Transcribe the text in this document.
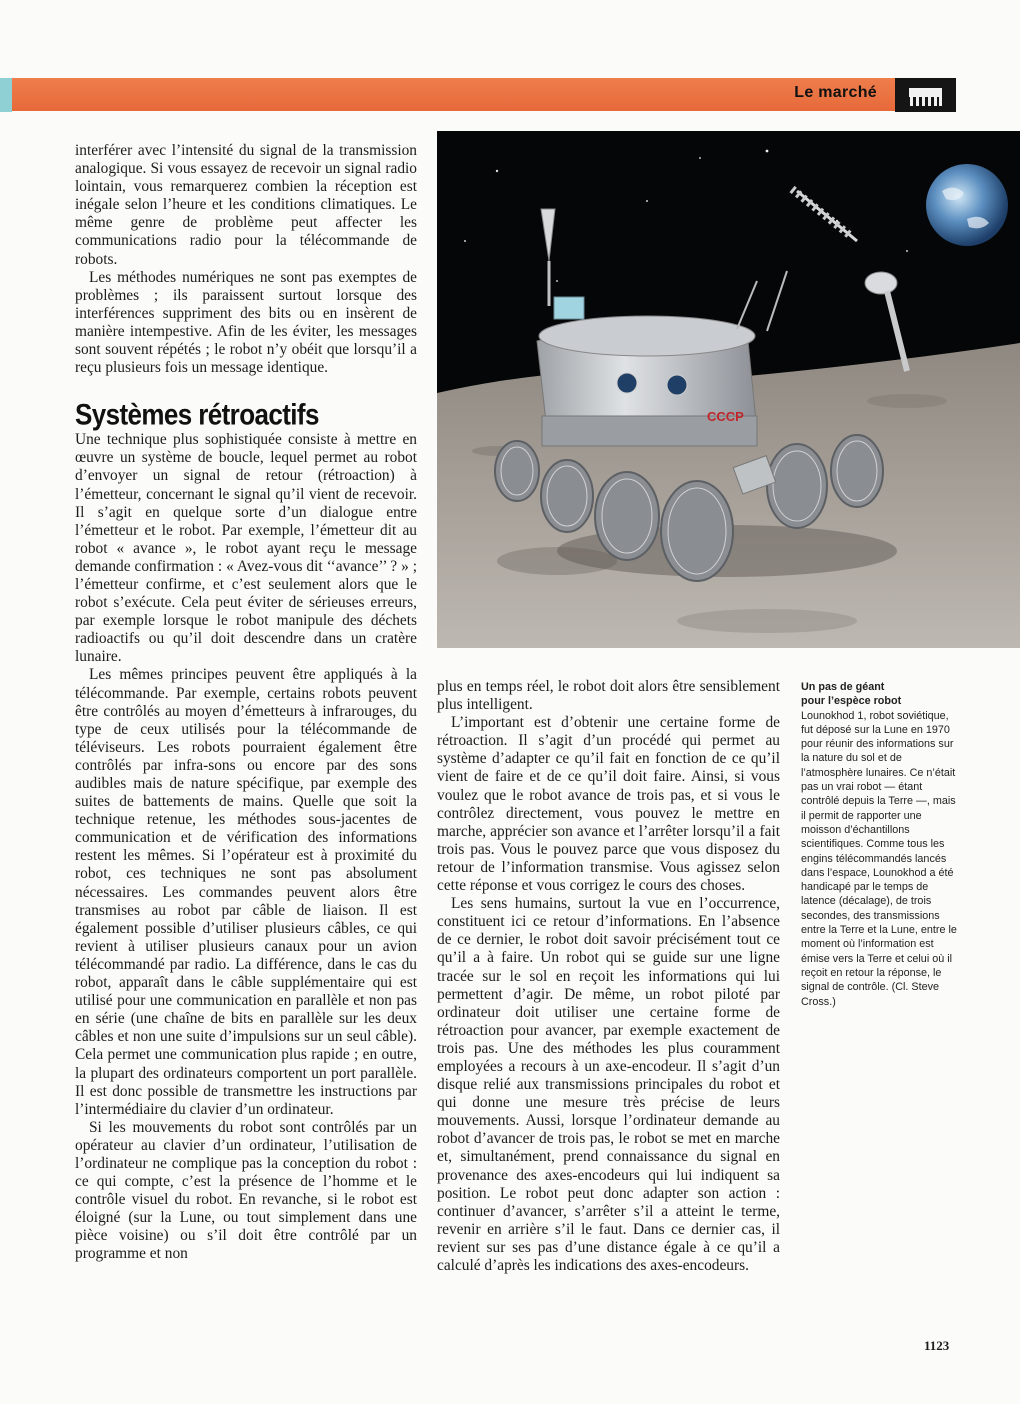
Le marché

interférer avec l’intensité du signal de la transmission analogique. Si vous essayez de recevoir un signal radio lointain, vous remarquerez combien la réception est inégale selon l’heure et les conditions climatiques. Le même genre de problème peut affecter les communications radio pour la télécommande de robots.

Les méthodes numériques ne sont pas exemptes de problèmes ; ils paraissent surtout lorsque des interférences suppriment des bits ou en insèrent de manière intempestive. Afin de les éviter, les messages sont souvent répétés ; le robot n’y obéit que lorsqu’il a reçu plusieurs fois un message identique.

Systèmes rétroactifs

Une technique plus sophistiquée consiste à mettre en œuvre un système de boucle, lequel permet au robot d’envoyer un signal de retour (rétroaction) à l’émetteur, concernant le signal qu’il vient de recevoir. Il s’agit en quelque sorte d’un dialogue entre l’émetteur et le robot. Par exemple, l’émetteur dit au robot « avance », le robot ayant reçu le message demande confirmation : « Avez-vous dit ‘‘avance’’ ? » ; l’émetteur confirme, et c’est seulement alors que le robot s’exécute. Cela peut éviter de sérieuses erreurs, par exemple lorsque le robot manipule des déchets radioactifs ou qu’il doit descendre dans un cratère lunaire.

Les mêmes principes peuvent être appliqués à la télécommande. Par exemple, certains robots peuvent être contrôlés au moyen d’émetteurs à infrarouges, du type de ceux utilisés pour la télécommande de téléviseurs. Les robots pourraient également être contrôlés par infra-sons ou encore par des sons audibles mais de nature spécifique, par exemple des suites de battements de mains. Quelle que soit la technique retenue, les méthodes sous-jacentes de communication et de vérification des informations restent les mêmes. Si l’opérateur est à proximité du robot, ces techniques ne sont pas absolument nécessaires. Les commandes peuvent alors être transmises au robot par câble de liaison. Il est également possible d’utiliser plusieurs câbles, ce qui revient à utiliser plusieurs canaux pour un avion télécommandé par radio. La différence, dans le cas du robot, apparaît dans le câble supplémentaire qui est utilisé pour une communication en parallèle et non pas en série (une chaîne de bits en parallèle sur les deux câbles et non une suite d’impulsions sur un seul câble). Cela permet une communication plus rapide ; en outre, la plupart des ordinateurs comportent un port parallèle. Il est donc possible de transmettre les instructions par l’intermédiaire du clavier d’un ordinateur.

Si les mouvements du robot sont contrôlés par un opérateur au clavier d’un ordinateur, l’utilisation de l’ordinateur ne complique pas la conception du robot : ce qui compte, c’est la présence de l’homme et le contrôle visuel du robot. En revanche, si le robot est éloigné (sur la Lune, ou tout simplement dans une pièce voisine) ou s’il doit être contrôlé par un programme et non

CCCP

plus en temps réel, le robot doit alors être sensiblement plus intelligent.

L’important est d’obtenir une certaine forme de rétroaction. Il s’agit d’un procédé qui permet au système d’adapter ce qu’il fait en fonction de ce qu’il vient de faire et de ce qu’il doit faire. Ainsi, si vous voulez que le robot avance de trois pas, et si vous le contrôlez directement, vous pouvez le mettre en marche, apprécier son avance et l’arrêter lorsqu’il a fait trois pas. Vous le pouvez parce que vous disposez du retour de l’information transmise. Vous agissez selon cette réponse et vous corrigez le cours des choses.

Les sens humains, surtout la vue en l’occurrence, constituent ici ce retour d’informations. En l’absence de ce dernier, le robot doit savoir précisément tout ce qu’il a à faire. Un robot qui se guide sur une ligne tracée sur le sol en reçoit les informations qui lui permettent d’agir. De même, un robot piloté par ordinateur doit utiliser une certaine forme de rétroaction pour avancer, par exemple exactement de trois pas. Une des méthodes les plus couramment employées a recours à un axe-encodeur. Il s’agit d’un disque relié aux transmissions principales du robot et qui donne une mesure très précise de leurs mouvements. Aussi, lorsque l’ordinateur demande au robot d’avancer de trois pas, le robot se met en marche et, simultanément, prend connaissance du signal en provenance des axes-encodeurs qui lui indiquent sa position. Le robot peut donc adapter son action : continuer d’avancer, s’arrêter s’il a atteint le terme, revenir en arrière s’il le faut. Dans ce dernier cas, il revient sur ses pas d’une distance égale à ce qu’il a calculé d’après les indications des axes-encodeurs.

Un pas de géant
pour l’espèce robot
Lounokhod 1, robot soviétique, fut déposé sur la Lune en 1970 pour réunir des informations sur la nature du sol et de l’atmosphère lunaires. Ce n’était pas un vrai robot — étant contrôlé depuis la Terre —, mais il permit de rapporter une moisson d’échantillons scientifiques. Comme tous les engins télécommandés lancés dans l’espace, Lounokhod a été handicapé par le temps de latence (décalage), de trois secondes, des transmissions entre la Terre et la Lune, entre le moment où l’information est émise vers la Terre et celui où il reçoit en retour la réponse, le signal de contrôle. (Cl. Steve Cross.)
1123
